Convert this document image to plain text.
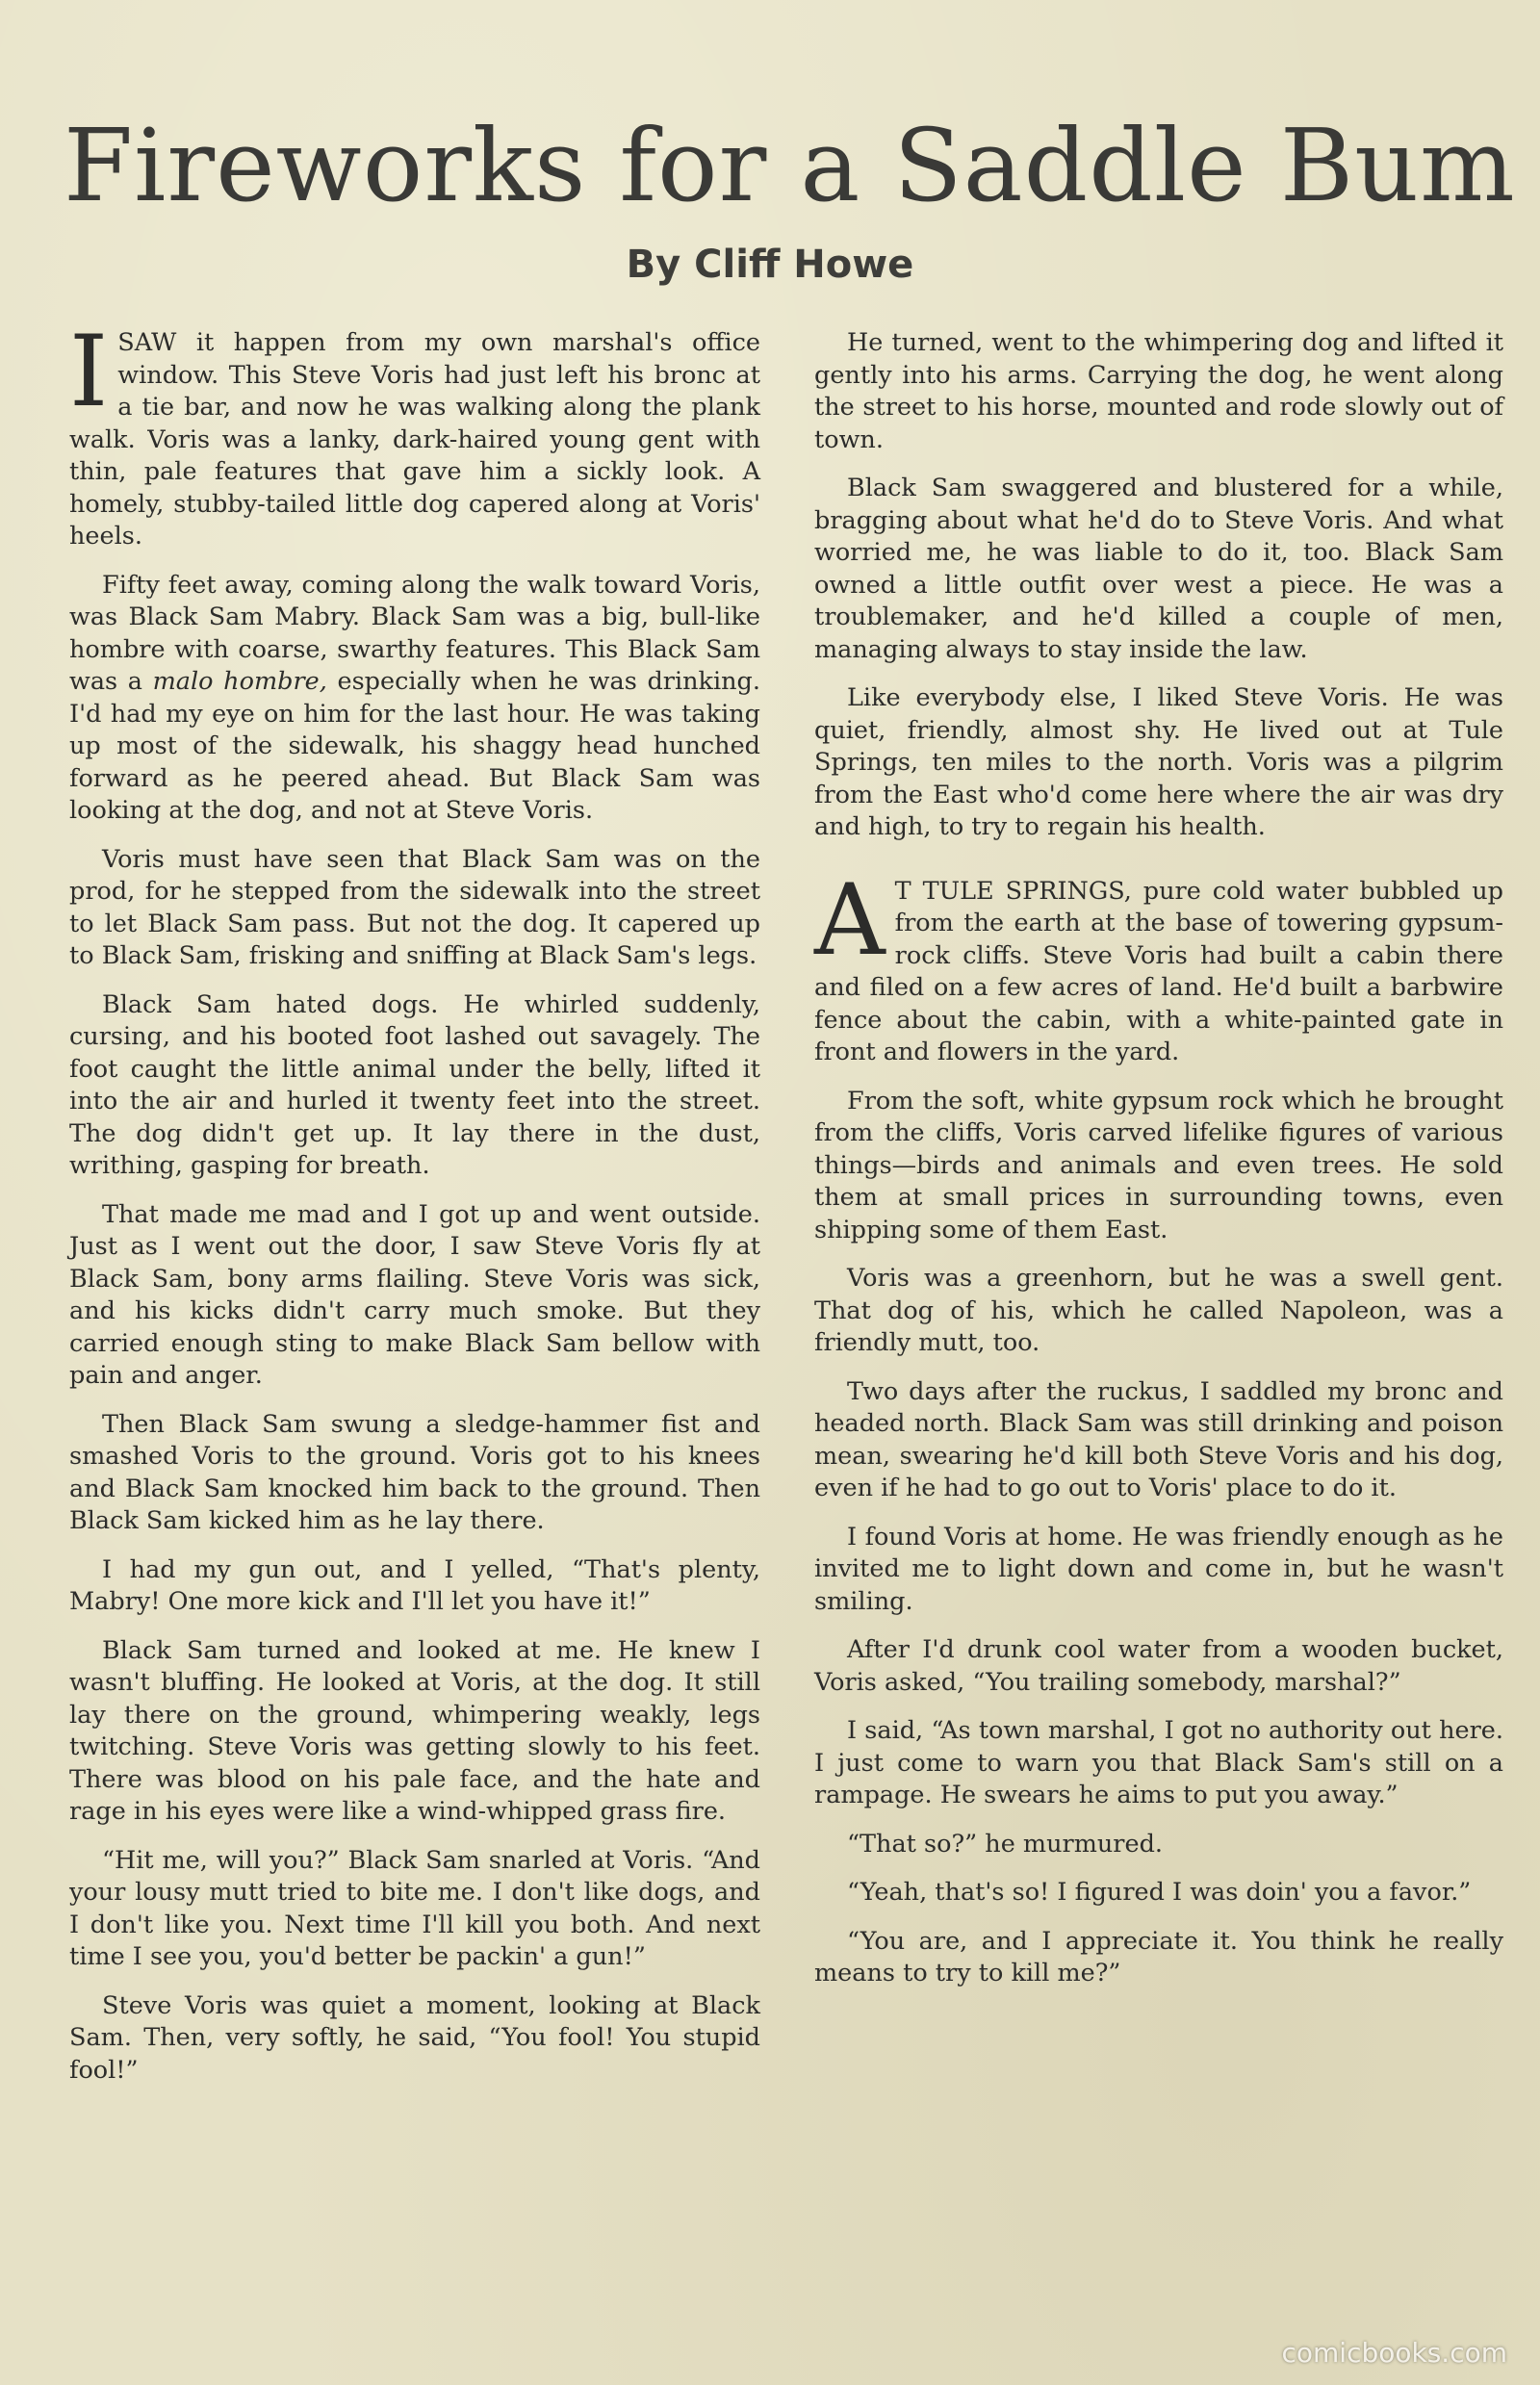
Fireworks for a Saddle Bum
By Cliff Howe

ISAW it happen from my own marshal's office window. This Steve Voris had just left his bronc at a tie bar, and now he was walking along the plank walk. Voris was a lanky, dark-haired young gent with thin, pale features that gave him a sickly look. A homely, stubby-tailed little dog capered along at Voris' heels.

Fifty feet away, coming along the walk toward Voris, was Black Sam Mabry. Black Sam was a big, bull-like hombre with coarse, swarthy features. This Black Sam was a malo hombre, especially when he was drinking. I'd had my eye on him for the last hour. He was taking up most of the sidewalk, his shaggy head hunched forward as he peered ahead. But Black Sam was looking at the dog, and not at Steve Voris.

Voris must have seen that Black Sam was on the prod, for he stepped from the sidewalk into the street to let Black Sam pass. But not the dog. It capered up to Black Sam, frisking and sniffing at Black Sam's legs.

Black Sam hated dogs. He whirled suddenly, cursing, and his booted foot lashed out savagely. The foot caught the little animal under the belly, lifted it into the air and hurled it twenty feet into the street. The dog didn't get up. It lay there in the dust, writhing, gasping for breath.

That made me mad and I got up and went outside. Just as I went out the door, I saw Steve Voris fly at Black Sam, bony arms flailing. Steve Voris was sick, and his kicks didn't carry much smoke. But they carried enough sting to make Black Sam bellow with pain and anger.

Then Black Sam swung a sledge-hammer fist and smashed Voris to the ground. Voris got to his knees and Black Sam knocked him back to the ground. Then Black Sam kicked him as he lay there.

I had my gun out, and I yelled, “That's plenty, Mabry! One more kick and I'll let you have it!”

Black Sam turned and looked at me. He knew I wasn't bluffing. He looked at Voris, at the dog. It still lay there on the ground, whimpering weakly, legs twitching. Steve Voris was getting slowly to his feet. There was blood on his pale face, and the hate and rage in his eyes were like a wind-whipped grass fire.

“Hit me, will you?” Black Sam snarled at Voris. “And your lousy mutt tried to bite me. I don't like dogs, and I don't like you. Next time I'll kill you both. And next time I see you, you'd better be packin' a gun!”

Steve Voris was quiet a moment, looking at Black Sam. Then, very softly, he said, “You fool! You stupid fool!”

He turned, went to the whimpering dog and lifted it gently into his arms. Carrying the dog, he went along the street to his horse, mounted and rode slowly out of town.

Black Sam swaggered and blustered for a while, bragging about what he'd do to Steve Voris. And what worried me, he was liable to do it, too. Black Sam owned a little outfit over west a piece. He was a troublemaker, and he'd killed a couple of men, managing always to stay inside the law.

Like everybody else, I liked Steve Voris. He was quiet, friendly, almost shy. He lived out at Tule Springs, ten miles to the north. Voris was a pilgrim from the East who'd come here where the air was dry and high, to try to regain his health.

A T TULE SPRINGS, pure cold water bubbled up from the earth at the base of towering gypsum-rock cliffs. Steve Voris had built a cabin there and filed on a few acres of land. He'd built a barbwire fence about the cabin, with a white-painted gate in front and flowers in the yard.

From the soft, white gypsum rock which he brought from the cliffs, Voris carved lifelike figures of various things—birds and animals and even trees. He sold them at small prices in surrounding towns, even shipping some of them East.

Voris was a greenhorn, but he was a swell gent. That dog of his, which he called Napoleon, was a friendly mutt, too.

Two days after the ruckus, I saddled my bronc and headed north. Black Sam was still drinking and poison mean, swearing he'd kill both Steve Voris and his dog, even if he had to go out to Voris' place to do it.

I found Voris at home. He was friendly enough as he invited me to light down and come in, but he wasn't smiling.

After I'd drunk cool water from a wooden bucket, Voris asked, “You trailing somebody, marshal?”

I said, “As town marshal, I got no authority out here. I just come to warn you that Black Sam's still on a rampage. He swears he aims to put you away.”

“That so?” he murmured.

“Yeah, that's so! I figured I was doin' you a favor.”

“You are, and I appreciate it. You think he really means to try to kill me?”

comicbooks.com
